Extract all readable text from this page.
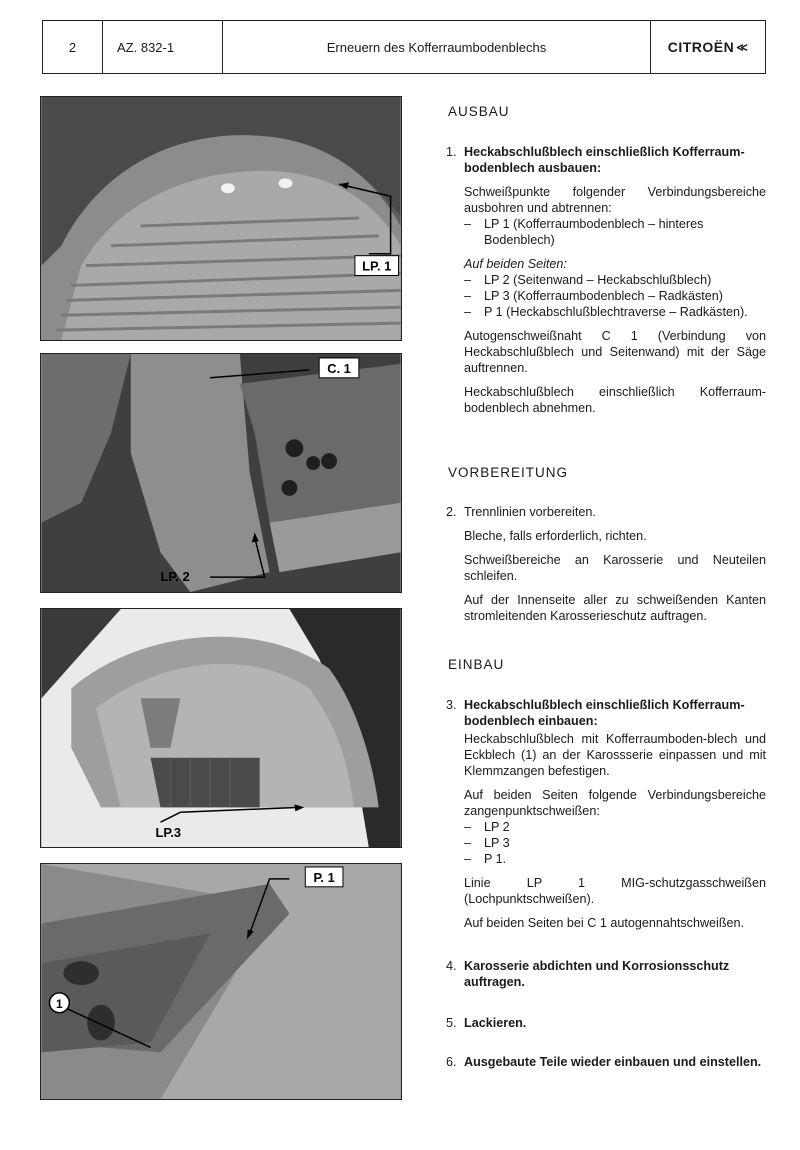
2	AZ. 832-1	Erneuern des Kofferraumbodenblechs	CITROËN ≪
LP. 1
C. 1
LP. 2
LP.3
1
P. 1
AUSBAU
VORBEREITUNG
EINBAU
1. Heckabschlußblech einschließlich Kofferraum-bodenblech ausbauen:
Schweißpunkte folgender Verbindungsbereiche ausbohren und abtrennen:
–	LP 1 (Kofferraumbodenblech – hinteres Bodenblech)
Auf beiden Seiten:
–	LP 2 (Seitenwand – Heckabschlußblech)
–	LP 3 (Kofferraumbodenblech – Radkästen)
–	P 1 (Heckabschlußblechtraverse – Radkästen).
Autogenschweißnaht C 1 (Verbindung von Heckabschlußblech und Seitenwand) mit der Säge auftrennen.
Heckabschlußblech einschließlich Kofferraum-bodenblech abnehmen.
2. Trennlinien vorbereiten.
Bleche, falls erforderlich, richten.
Schweißbereiche an Karosserie und Neuteilen schleifen.
Auf der Innenseite aller zu schweißenden Kanten stromleitenden Karosserieschutz auftragen.
3. Heckabschlußblech einschließlich Kofferraum-bodenblech einbauen:
Heckabschlußblech mit Kofferraumboden-blech und Eckblech (1) an der Karossserie einpassen und mit Klemmzangen befestigen.
Auf beiden Seiten folgende Verbindungsbereiche zangenpunktschweißen:
–	LP 2
–	LP 3
–	P 1.
Linie LP 1 MIG-schutzgasschweißen (Lochpunktschweißen).
Auf beiden Seiten bei C 1 autogennahtschweißen.
4. Karosserie abdichten und Korrosionsschutz auftragen.
5. Lackieren.
6. Ausgebaute Teile wieder einbauen und einstellen.
